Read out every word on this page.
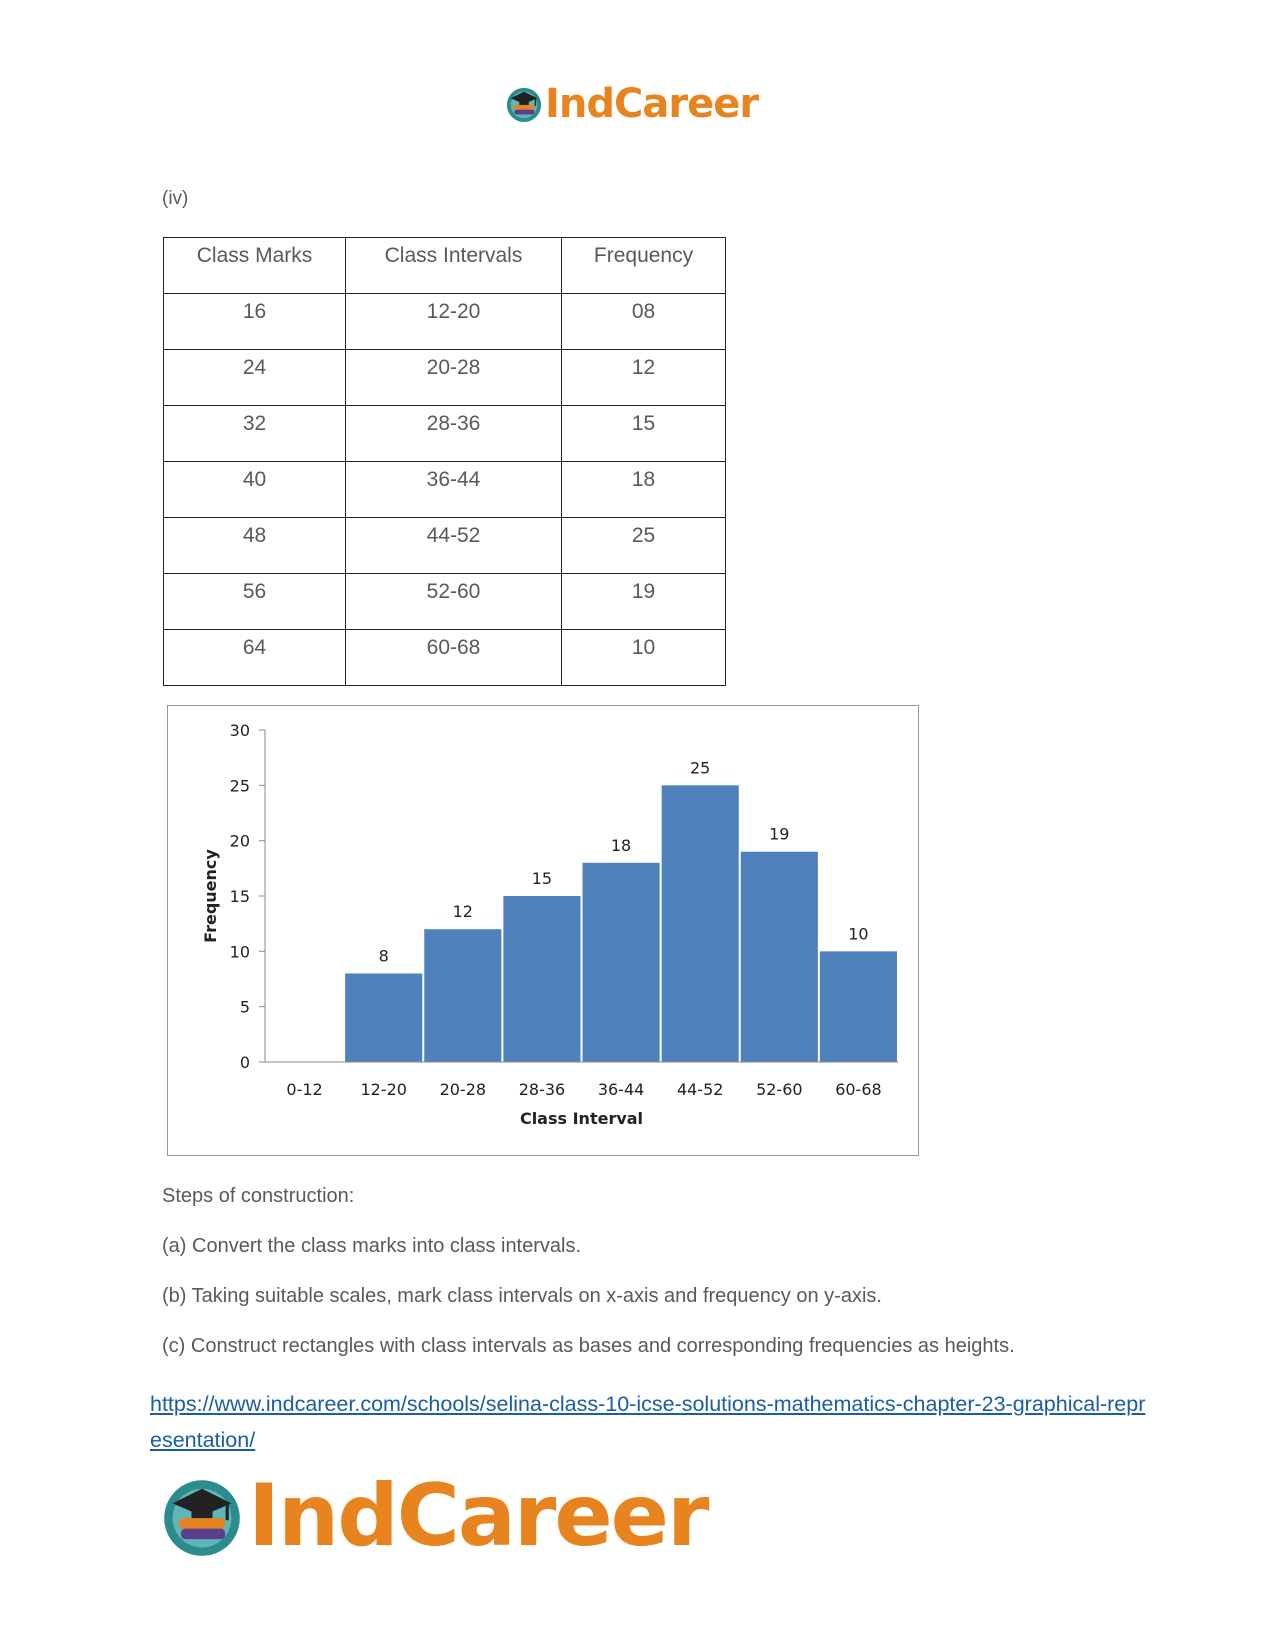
IndCareer
(iv)
Class Marks	Class Intervals	Frequency
16	12-20	08
24	20-28	12
32	28-36	15
40	36-44	18
48	44-52	25
56	52-60	19
64	60-68	10
0
5
10
15
20
25
30
0-12
8
12-20
12
20-28
15
28-36
18
36-44
25
44-52
19
52-60
10
60-68
Class Interval
Frequency

Steps of construction:

(a) Convert the class marks into class intervals.

(b) Taking suitable scales, mark class intervals on x-axis and frequency on y-axis.

(c) Construct rectangles with class intervals as bases and corresponding frequencies as heights.

https://www.indcareer.com/schools/selina-class-10-icse-solutions-mathematics-chapter-23-graphical-representation/
IndCareer
